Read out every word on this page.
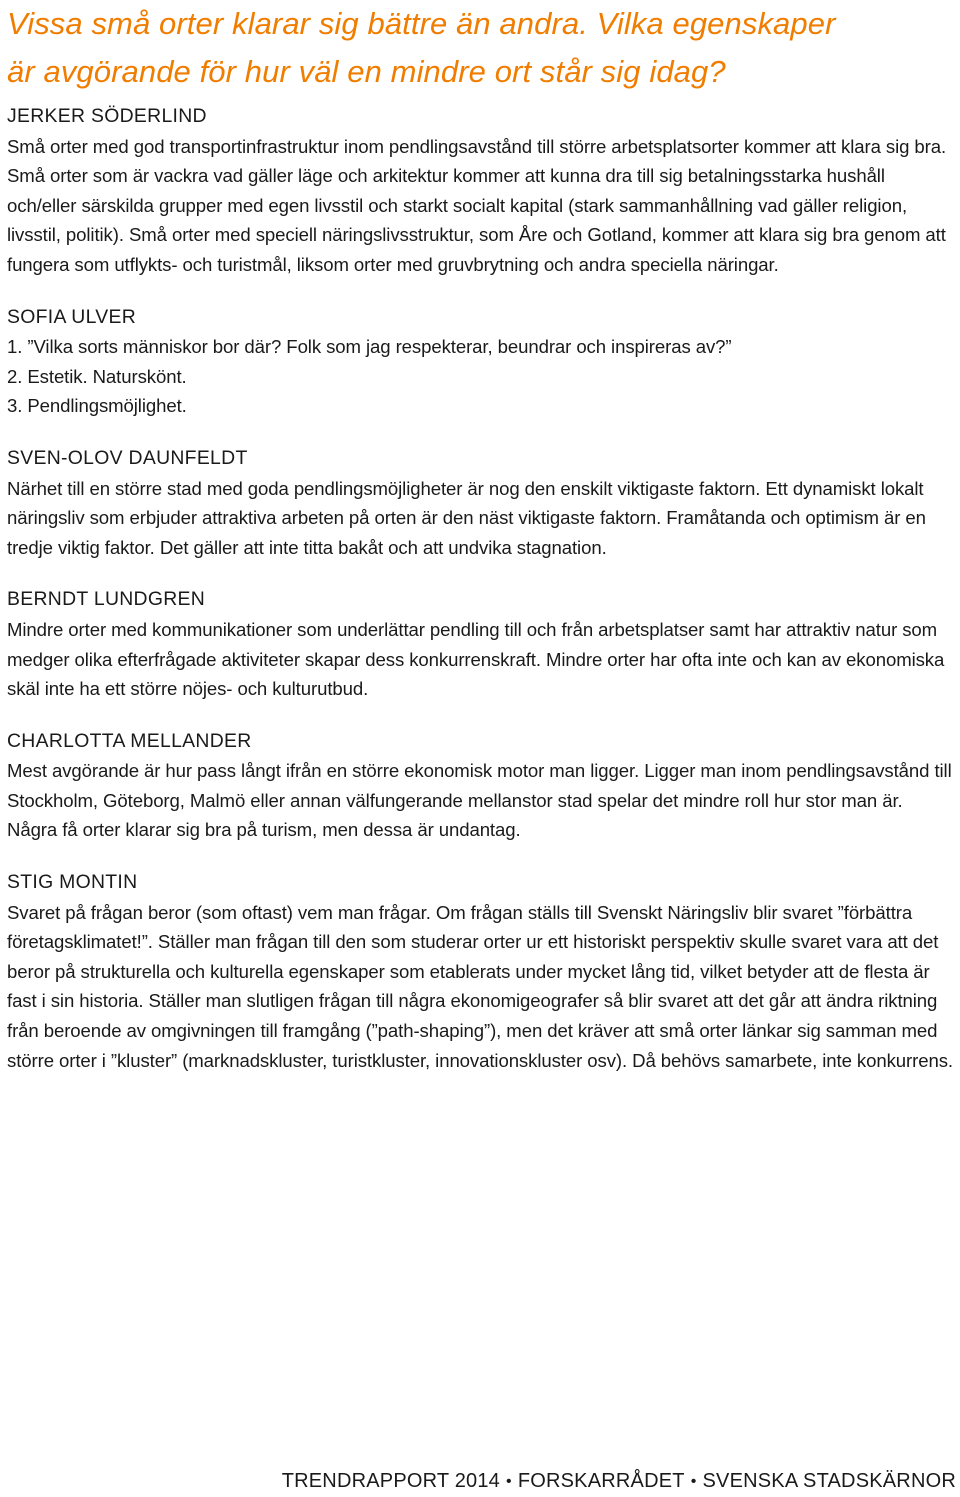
Vissa små orter klarar sig bättre än andra. Vilka egenskaper
är avgörande för hur väl en mindre ort står sig idag?
JERKER SÖDERLIND

Små orter med god transportinfrastruktur inom pendlingsavstånd till större arbetsplatsorter kommer att klara sig bra. Små orter som är vackra vad gäller läge och arkitektur kommer att kunna dra till sig betalningsstarka hushåll och/eller särskilda grupper med egen livsstil och starkt socialt kapital (stark sammanhållning vad gäller religion, livsstil, politik). Små orter med speciell näringslivsstruktur, som Åre och Gotland, kommer att klara sig bra genom att fungera som utflykts- och turistmål, liksom orter med gruvbrytning och andra speciella näringar.

SOFIA ULVER

1. ”Vilka sorts människor bor där? Folk som jag respekterar, beundrar och inspireras av?”

2. Estetik. Naturskönt.

3. Pendlingsmöjlighet.

SVEN-OLOV DAUNFELDT

Närhet till en större stad med goda pendlingsmöjligheter är nog den enskilt viktigaste faktorn. Ett dynamiskt lokalt näringsliv som erbjuder attraktiva arbeten på orten är den näst viktigaste faktorn. Framåtanda och optimism är en tredje viktig faktor. Det gäller att inte titta bakåt och att undvika stagnation.

BERNDT LUNDGREN

Mindre orter med kommunikationer som underlättar pendling till och från arbetsplatser samt har attraktiv natur som medger olika efterfrågade aktiviteter skapar dess konkurrenskraft. Mindre orter har ofta inte och kan av ekonomiska skäl inte ha ett större nöjes- och kulturutbud.

CHARLOTTA MELLANDER

Mest avgörande är hur pass långt ifrån en större ekonomisk motor man ligger. Ligger man inom pendlingsavstånd till Stockholm, Göteborg, Malmö eller annan välfungerande mellanstor stad spelar det mindre roll hur stor man är. Några få orter klarar sig bra på turism, men dessa är undantag.

STIG MONTIN

Svaret på frågan beror (som oftast) vem man frågar. Om frågan ställs till Svenskt Näringsliv blir svaret ”förbättra företagsklimatet!”. Ställer man frågan till den som studerar orter ur ett historiskt perspektiv skulle svaret vara att det beror på strukturella och kulturella egenskaper som etablerats under mycket lång tid, vilket betyder att de flesta är fast i sin historia. Ställer man slutligen frågan till några ekonomigeografer så blir svaret att det går att ändra riktning från beroende av omgivningen till framgång (”path-shaping”), men det kräver att små orter länkar sig samman med större orter i ”kluster” (marknadskluster, turistkluster, innovationskluster osv). Då behövs samarbete, inte konkurrens.

TRENDRAPPORT 2014 • FORSKARRÅDET • SVENSKA STADSKÄRNOR
